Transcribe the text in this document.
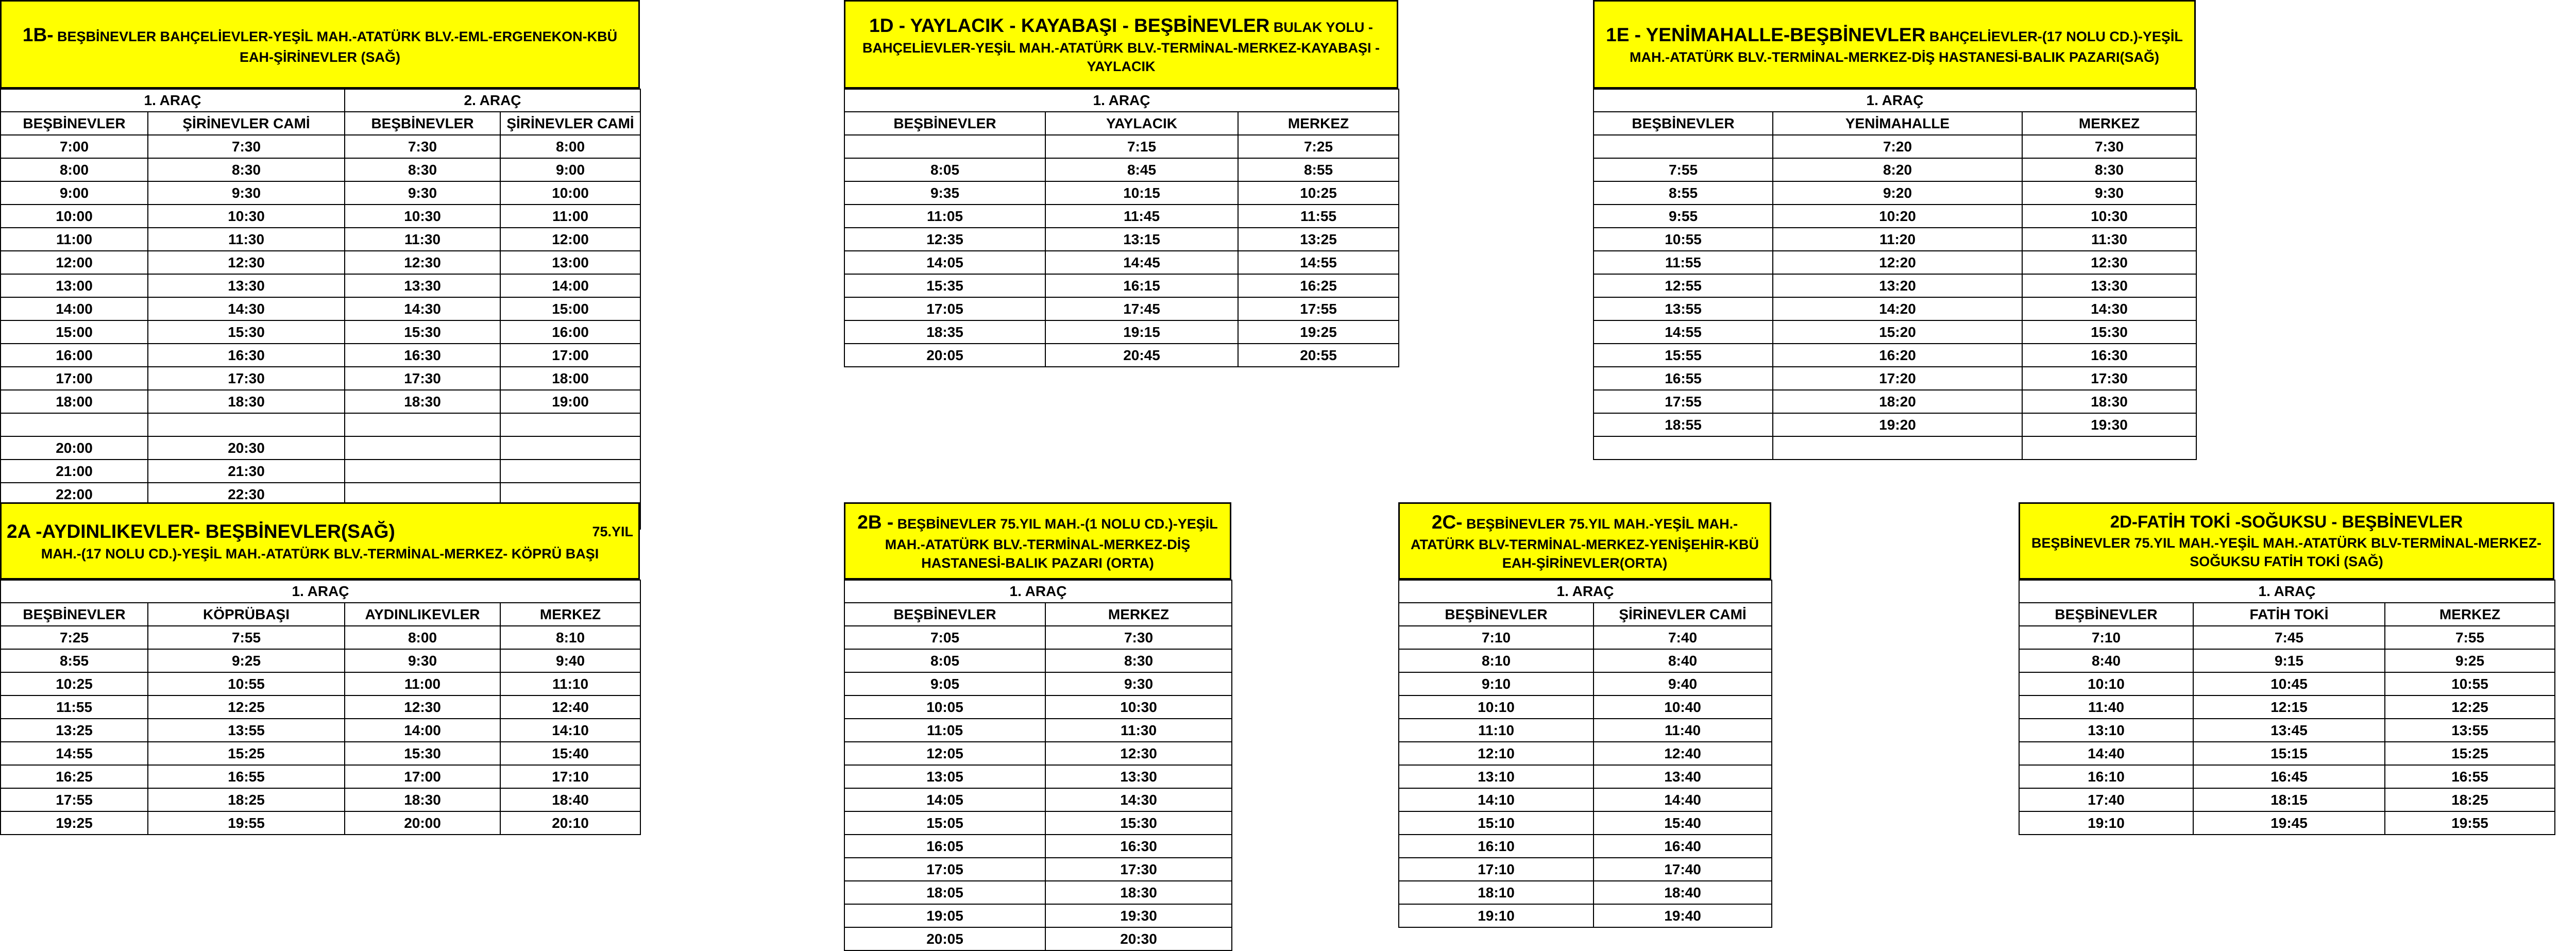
1B- BEŞBİNEVLER BAHÇELİEVLER-YEŞİL MAH.-ATATÜRK BLV.-EML-ERGENEKON-KBÜ
EAH-ŞİRİNEVLER (SAĞ)
1. ARAÇ		2. ARAÇ	
BEŞBİNEVLER	ŞİRİNEVLER CAMİ	BEŞBİNEVLER	ŞİRİNEVLER CAMİ
7:00	7:30	7:30	8:00
8:00	8:30	8:30	9:00
9:00	9:30	9:30	10:00
10:00	10:30	10:30	11:00
11:00	11:30	11:30	12:00
12:00	12:30	12:30	13:00
13:00	13:30	13:30	14:00
14:00	14:30	14:30	15:00
15:00	15:30	15:30	16:00
16:00	16:30	16:30	17:00
17:00	17:30	17:30	18:00
18:00	18:30	18:30	19:00

20:00	20:30		
21:00	21:30		
22:00	22:30		

1D - YAYLACIK - KAYABAŞI - BEŞBİNEVLER BULAK YOLU -
BAHÇELİEVLER-YEŞİL MAH.-ATATÜRK BLV.-TERMİNAL-MERKEZ-KAYABAŞI -
YAYLACIK
1. ARAÇ		
BEŞBİNEVLER	YAYLACIK	MERKEZ
	7:15	7:25
8:05	8:45	8:55
9:35	10:15	10:25
11:05	11:45	11:55
12:35	13:15	13:25
14:05	14:45	14:55
15:35	16:15	16:25
17:05	17:45	17:55
18:35	19:15	19:25
20:05	20:45	20:55
1E - YENİMAHALLE-BEŞBİNEVLER BAHÇELİEVLER-(17 NOLU CD.)-YEŞİL
MAH.-ATATÜRK BLV.-TERMİNAL-MERKEZ-DİŞ HASTANESİ-BALIK PAZARI(SAĞ)
1. ARAÇ		
BEŞBİNEVLER	YENİMAHALLE	MERKEZ
	7:20	7:30
7:55	8:20	8:30
8:55	9:20	9:30
9:55	10:20	10:30
10:55	11:20	11:30
11:55	12:20	12:30
12:55	13:20	13:30
13:55	14:20	14:30
14:55	15:20	15:30
15:55	16:20	16:30
16:55	17:20	17:30
17:55	18:20	18:30
18:55	19:20	19:30

2A -AYDINLIKEVLER- BEŞBİNEVLER(SAĞ)	75.YIL
MAH.-(17 NOLU CD.)-YEŞİL MAH.-ATATÜRK BLV.-TERMİNAL-MERKEZ- KÖPRÜ BAŞI
1. ARAÇ			
BEŞBİNEVLER	KÖPRÜBAŞI	AYDINLIKEVLER	MERKEZ
7:25	7:55	8:00	8:10
8:55	9:25	9:30	9:40
10:25	10:55	11:00	11:10
11:55	12:25	12:30	12:40
13:25	13:55	14:00	14:10
14:55	15:25	15:30	15:40
16:25	16:55	17:00	17:10
17:55	18:25	18:30	18:40
19:25	19:55	20:00	20:10
2B - BEŞBİNEVLER 75.YIL MAH.-(1 NOLU CD.)-YEŞİL
MAH.-ATATÜRK BLV.-TERMİNAL-MERKEZ-DİŞ
HASTANESİ-BALIK PAZARI (ORTA)
1. ARAÇ	
BEŞBİNEVLER	MERKEZ
7:05	7:30
8:05	8:30
9:05	9:30
10:05	10:30
11:05	11:30
12:05	12:30
13:05	13:30
14:05	14:30
15:05	15:30
16:05	16:30
17:05	17:30
18:05	18:30
19:05	19:30
20:05	20:30
2C- BEŞBİNEVLER 75.YIL MAH.-YEŞİL MAH.-
ATATÜRK BLV-TERMİNAL-MERKEZ-YENİŞEHİR-KBÜ
EAH-ŞİRİNEVLER(ORTA)
1. ARAÇ	
BEŞBİNEVLER	ŞİRİNEVLER CAMİ
7:10	7:40
8:10	8:40
9:10	9:40
10:10	10:40
11:10	11:40
12:10	12:40
13:10	13:40
14:10	14:40
15:10	15:40
16:10	16:40
17:10	17:40
18:10	18:40
19:10	19:40
2D-FATİH TOKİ -SOĞUKSU - BEŞBİNEVLER
BEŞBİNEVLER 75.YIL MAH.-YEŞİL MAH.-ATATÜRK BLV-TERMİNAL-MERKEZ-
SOĞUKSU FATİH TOKİ (SAĞ)
1. ARAÇ		
BEŞBİNEVLER	FATİH TOKİ	MERKEZ
7:10	7:45	7:55
8:40	9:15	9:25
10:10	10:45	10:55
11:40	12:15	12:25
13:10	13:45	13:55
14:40	15:15	15:25
16:10	16:45	16:55
17:40	18:15	18:25
19:10	19:45	19:55
